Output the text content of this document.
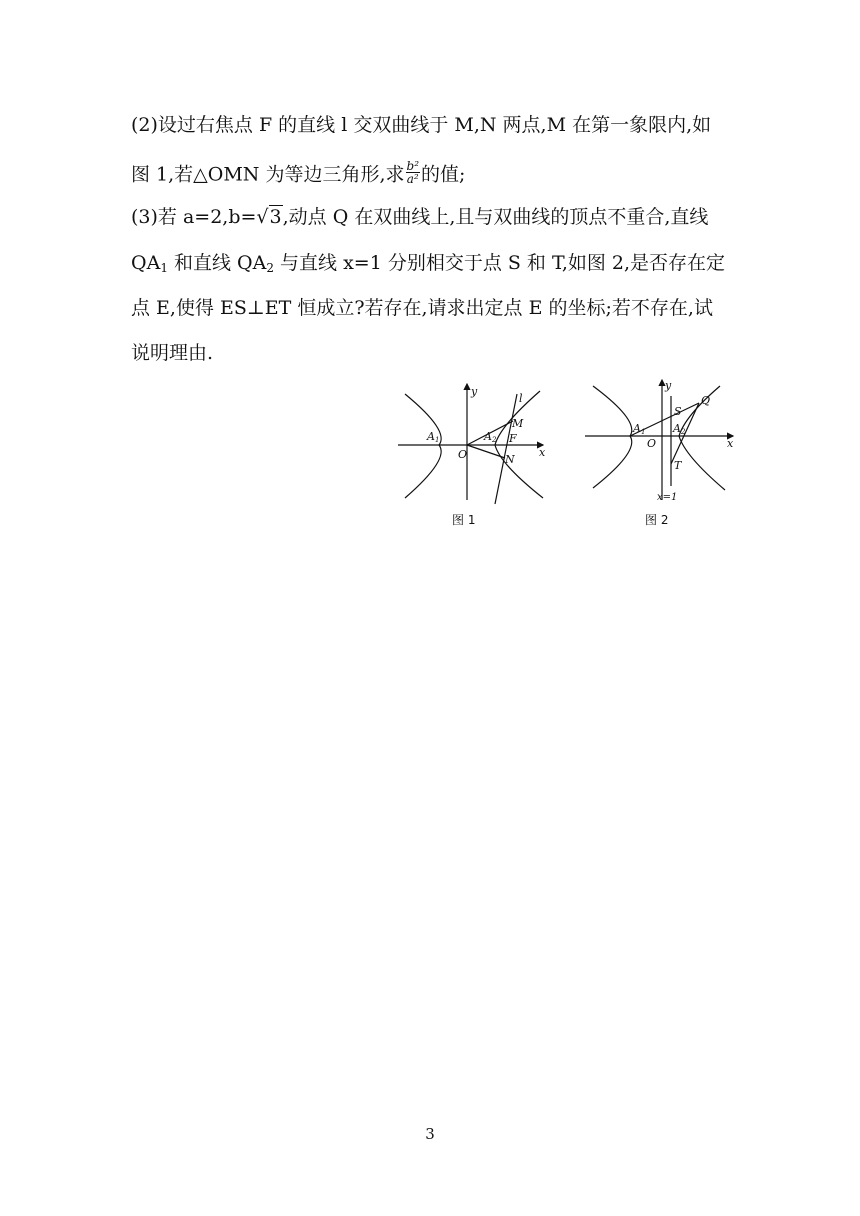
(2)设过右焦点 F 的直线 l 交双曲线于 M,N 两点,M 在第一象限内,如
图 1,若△OMN 为等边三角形,求 $\frac{\text{b²}}{\text{a²}}$ 的值;
(3)若 a=2,b=√3,动点 Q 在双曲线上,且与双曲线的顶点不重合,直线
$QA_1$ 和直线 $QA_2$ 与直线 x=1 分别相交于点 S 和 T,如图 2,是否存在定
点 E,使得 ES⊥ET 恒成立?若存在,请求出定点 E 的坐标;若不存在,试
说明理由.
y
x
l
A1	A2
O
M
F
N
图 1
y
x
S
Q
A1	A2
O
T
x=1
图 2
3
